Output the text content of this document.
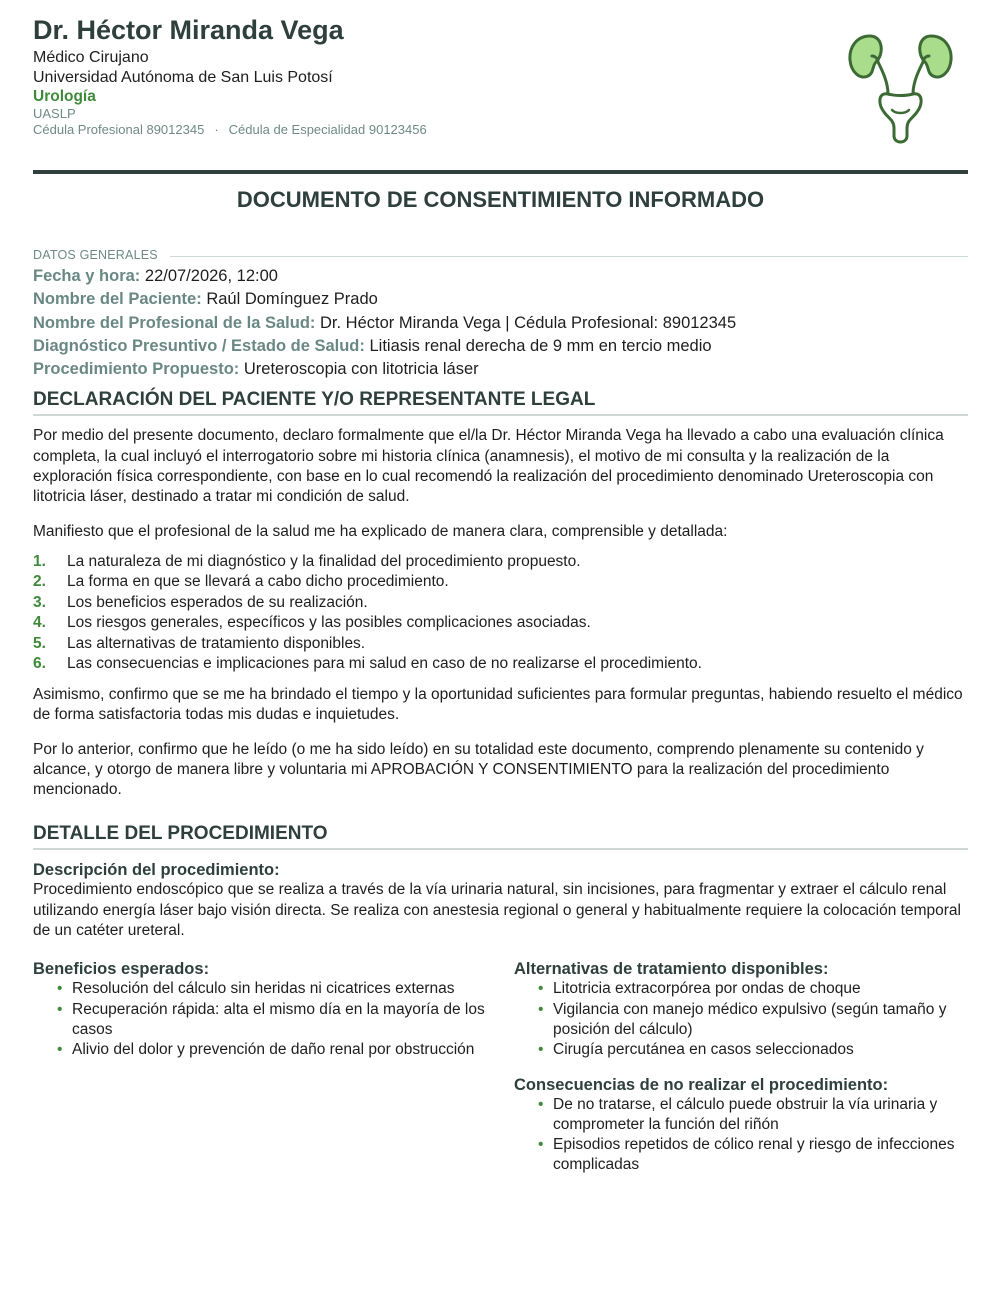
Dr. Héctor Miranda Vega
Médico Cirujano
Universidad Autónoma de San Luis Potosí
Urología
UASLP
Cédula Profesional 89012345 · Cédula de Especialidad 90123456
DOCUMENTO DE CONSENTIMIENTO INFORMADO
DATOS GENERALES
Fecha y hora: 22/07/2026, 12:00
Nombre del Paciente: Raúl Domínguez Prado
Nombre del Profesional de la Salud: Dr. Héctor Miranda Vega | Cédula Profesional: 89012345
Diagnóstico Presuntivo / Estado de Salud: Litiasis renal derecha de 9 mm en tercio medio
Procedimiento Propuesto: Ureteroscopia con litotricia láser
DECLARACIÓN DEL PACIENTE Y/O REPRESENTANTE LEGAL

Por medio del presente documento, declaro formalmente que el/la Dr. Héctor Miranda Vega ha llevado a cabo una evaluación clínica completa, la cual incluyó el interrogatorio sobre mi historia clínica (anamnesis), el motivo de mi consulta y la realización de la exploración física correspondiente, con base en lo cual recomendó la realización del procedimiento denominado Ureteroscopia con litotricia láser, destinado a tratar mi condición de salud.

Manifiesto que el profesional de la salud me ha explicado de manera clara, comprensible y detallada:

1.	La naturaleza de mi diagnóstico y la finalidad del procedimiento propuesto.
2.	La forma en que se llevará a cabo dicho procedimiento.
3.	Los beneficios esperados de su realización.
4.	Los riesgos generales, específicos y las posibles complicaciones asociadas.
5.	Las alternativas de tratamiento disponibles.
6.	Las consecuencias e implicaciones para mi salud en caso de no realizarse el procedimiento.

Asimismo, confirmo que se me ha brindado el tiempo y la oportunidad suficientes para formular preguntas, habiendo resuelto el médico de forma satisfactoria todas mis dudas e inquietudes.

Por lo anterior, confirmo que he leído (o me ha sido leído) en su totalidad este documento, comprendo plenamente su contenido y alcance, y otorgo de manera libre y voluntaria mi APROBACIÓN Y CONSENTIMIENTO para la realización del procedimiento mencionado.

DETALLE DEL PROCEDIMIENTO
Descripción del procedimiento:

Procedimiento endoscópico que se realiza a través de la vía urinaria natural, sin incisiones, para fragmentar y extraer el cálculo renal utilizando energía láser bajo visión directa. Se realiza con anestesia regional o general y habitualmente requiere la colocación temporal de un catéter ureteral.

Beneficios esperados:
• Resolución del cálculo sin heridas ni cicatrices externas
• Recuperación rápida: alta el mismo día en la mayoría de los casos
• Alivio del dolor y prevención de daño renal por obstrucción
Alternativas de tratamiento disponibles:
• Litotricia extracorpórea por ondas de choque
• Vigilancia con manejo médico expulsivo (según tamaño y posición del cálculo)
• Cirugía percutánea en casos seleccionados
Consecuencias de no realizar el procedimiento:
• De no tratarse, el cálculo puede obstruir la vía urinaria y comprometer la función del riñón
• Episodios repetidos de cólico renal y riesgo de infecciones complicadas
